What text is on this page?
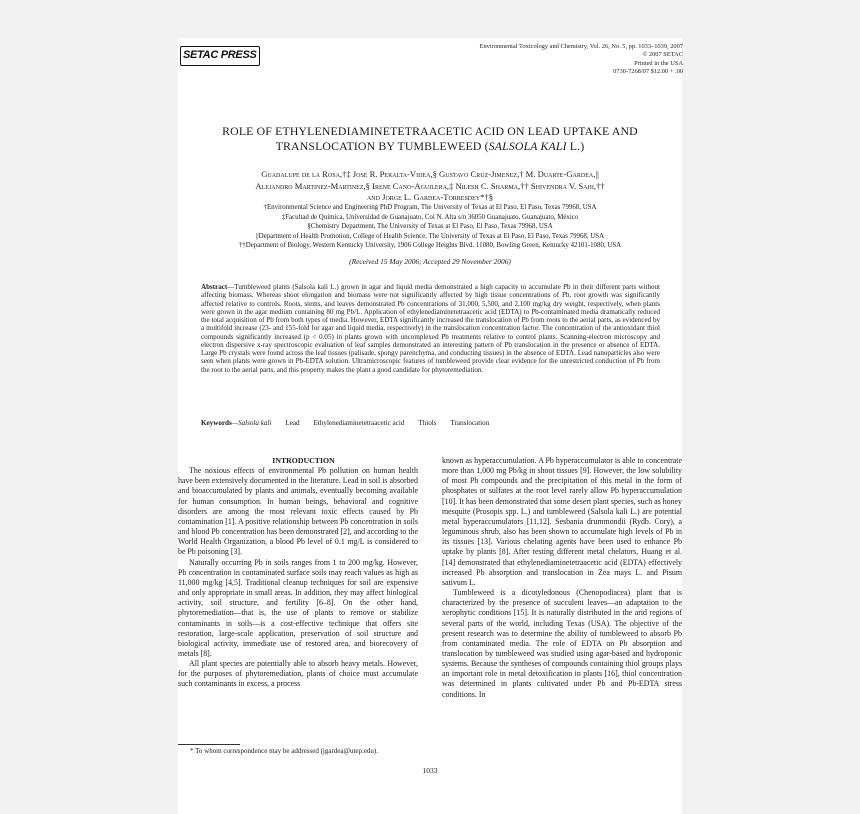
SETAC PRESS
Environmental Toxicology and Chemistry, Vol. 26, No. 5, pp. 1033–1039, 2007
© 2007 SETAC
Printed in the USA
0730-7268/07 $12.00 + .00
ROLE OF ETHYLENEDIAMINETETRAACETIC ACID ON LEAD UPTAKE AND
TRANSLOCATION BY TUMBLEWEED (SALSOLA KALI L.)
Guadalupe de la Rosa,†‡ Jose R. Peralta-Videa,§ Gustavo Cruz-Jimenez,† M. Duarte-Gardea,||
Alejandro Martinez-Martinez,§ Irene Cano-Aguilera,‡ Nilesh C. Sharma,†† Shivendra V. Sahi,††
and Jorge L. Gardea-Torresdey*†§
†Environmental Science and Engineering PhD Program, The University of Texas at El Paso, El Paso, Texas 79968, USA
‡Facultad de Química, Universidad de Guanajuato, Col N. Alta s/n 36050 Guanajuato, Guanajuato, México
§Chemistry Department, The University of Texas at El Paso, El Paso, Texas 79968, USA
||Department of Health Promotion, College of Health Science, The University of Texas at El Paso, El Paso, Texas 79968, USA
††Department of Biology, Western Kentucky University, 1906 College Heights Blvd. 11080, Bowling Green, Kentucky 42101-1080, USA
(Received 15 May 2006; Accepted 29 November 2006)
Abstract—Tumbleweed plants (Salsola kali L.) grown in agar and liquid media demonstrated a high capacity to accumulate Pb in their different parts without affecting biomass. Whereas shoot elongation and biomass were not significantly affected by high tissue concentrations of Pb, root growth was significantly affected relative to controls. Roots, stems, and leaves demonstrated Pb concentrations of 31,000, 5,500, and 2,100 mg/kg dry weight, respectively, when plants were grown in the agar medium containing 80 mg Pb/L. Application of ethylenediaminetetraacetic acid (EDTA) to Pb-contaminated media dramatically reduced the total acquisition of Pb from both types of media. However, EDTA significantly increased the translocation of Pb from roots to the aerial parts, as evidenced by a multifold increase (23- and 155-fold for agar and liquid media, respectively) in the translocation concentration factor. The concentration of the antioxidant thiol compounds significantly increased (p < 0.05) in plants grown with uncomplexed Pb treatments relative to control plants. Scanning-electron microscopy and electron dispersive x-ray spectroscopic evaluation of leaf samples demonstrated an interesting pattern of Pb translocation in the presence or absence of EDTA. Large Pb crystals were found across the leaf tissues (palisade, spongy parenchyma, and conducting tissues) in the absence of EDTA. Lead nanoparticles also were seen when plants were grown in Pb-EDTA solution. Ultramicroscopic features of tumbleweed provide clear evidence for the unrestricted conduction of Pb from the root to the aerial parts, and this property makes the plant a good candidate for phytoremediation.
Keywords—Salsola kali Lead Ethylenediaminetetraacetic acid Thiols Translocation

INTRODUCTION

The noxious effects of environmental Pb pollution on human health have been extensively documented in the literature. Lead in soil is absorbed and bioaccumulated by plants and animals, eventually becoming available for human consumption. In human beings, behavioral and cognitive disorders are among the most relevant toxic effects caused by Pb contamination [1]. A positive relationship between Pb concentration in soils and blood Pb concentration has been demonstrated [2], and according to the World Health Organization, a blood Pb level of 0.1 mg/L is considered to be Pb poisoning [3].

Naturally occurring Pb in soils ranges from 1 to 200 mg/kg. However, Pb concentration in contaminated surface soils may reach values as high as 11,000 mg/kg [4,5]. Traditional cleanup techniques for soil are expensive and only appropriate in small areas. In addition, they may affect biological activity, soil structure, and fertility [6–8]. On the other hand, phytoremediation—that is, the use of plants to remove or stabilize contaminants in soils—is a cost-effective technique that offers site restoration, large-scale application, preservation of soil structure and biological activity, immediate use of restored area, and biorecovery of metals [8].

All plant species are potentially able to absorb heavy metals. However, for the purposes of phytoremediation, plants of choice must accumulate such contaminants in excess, a process

known as hyperaccumulation. A Pb hyperaccumulator is able to concentrate more than 1,000 mg Pb/kg in shoot tissues [9]. However, the low solubility of most Pb compounds and the precipitation of this metal in the form of phosphates or sulfates at the root level rarely allow Pb hyperaccumulation [10]. It has been demonstrated that some desert plant species, such as honey mesquite (Prosopis spp. L.) and tumbleweed (Salsola kali L.) are potential metal hyperaccumulators [11,12]. Sesbania drummondii (Rydb. Cory), a leguminous shrub, also has been shown to accumulate high levels of Pb in its tissues [13]. Various chelating agents have been used to enhance Pb uptake by plants [8]. After testing different metal chelators, Huang et al. [14] demonstrated that ethylenediaminetetraacetic acid (EDTA) effectively increased Pb absorption and translocation in Zea mays L. and Pisum sativum L.

Tumbleweed is a dicotyledonous (Chenopodiacea) plant that is characterized by the presence of succulent leaves—an adaptation to the xerophytic conditions [15]. It is naturally distributed in the arid regions of several parts of the world, including Texas (USA). The objective of the present research was to determine the ability of tumbleweed to absorb Pb from contaminated media. The role of EDTA on Pb absorption and translocation by tumbleweed was studied using agar-based and hydroponic systems. Because the syntheses of compounds containing thiol groups plays an important role in metal detoxification in plants [16], thiol concentration was determined in plants cultivated under Pb and Pb-EDTA stress conditions. In

* To whom correspondence may be addressed (jgardea@utep.edu).
1033
